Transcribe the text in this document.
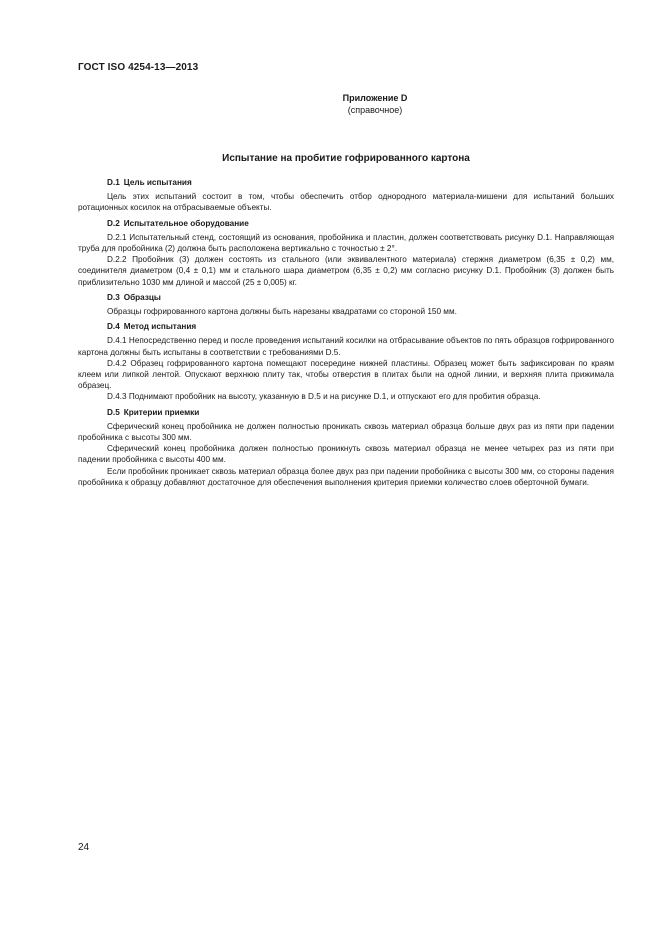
ГОСТ ISO 4254-13—2013
Приложение D
(справочное)
Испытание на пробитие гофрированного картона
D.1 Цель испытания

Цель этих испытаний состоит в том, чтобы обеспечить отбор однородного материала-мишени для испытаний больших ротационных косилок на отбрасываемые объекты.

D.2 Испытательное оборудование

D.2.1 Испытательный стенд, состоящий из основания, пробойника и пластин, должен соответствовать рисунку D.1. Направляющая труба для пробойника (2) должна быть расположена вертикально с точностью ± 2°.

D.2.2 Пробойник (3) должен состоять из стального (или эквивалентного материала) стержня диаметром (6,35 ± 0,2) мм, соединителя диаметром (0,4 ± 0,1) мм и стального шара диаметром (6,35 ± 0,2) мм согласно рисунку D.1. Пробойник (3) должен быть приблизительно 1030 мм длиной и массой (25 ± 0,005) кг.

D.3 Образцы

Образцы гофрированного картона должны быть нарезаны квадратами со стороной 150 мм.

D.4 Метод испытания

D.4.1 Непосредственно перед и после проведения испытаний косилки на отбрасывание объектов по пять образцов гофрированного картона должны быть испытаны в соответствии с требованиями D.5.

D.4.2 Образец гофрированного картона помещают посередине нижней пластины. Образец может быть зафиксирован по краям клеем или липкой лентой. Опускают верхнюю плиту так, чтобы отверстия в плитах были на одной линии, и верхняя плита прижимала образец.

D.4.3 Поднимают пробойник на высоту, указанную в D.5 и на рисунке D.1, и отпускают его для пробития образца.

D.5 Критерии приемки

Сферический конец пробойника не должен полностью проникать сквозь материал образца больше двух раз из пяти при падении пробойника с высоты 300 мм.

Сферический конец пробойника должен полностью проникнуть сквозь материал образца не менее четырех раз из пяти при падении пробойника с высоты 400 мм.

Если пробойник проникает сквозь материал образца более двух раз при падении пробойника с высоты 300 мм, со стороны падения пробойника к образцу добавляют достаточное для обеспечения выполнения критерия приемки количество слоев оберточной бумаги.

24
